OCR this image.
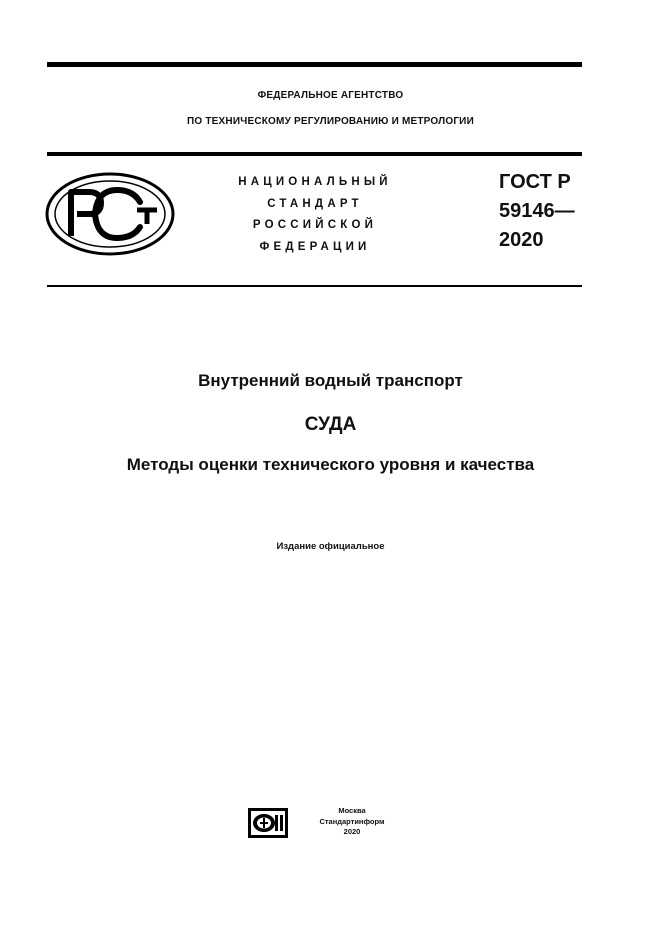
ФЕДЕРАЛЬНОЕ АГЕНТСТВО
ПО ТЕХНИЧЕСКОМУ РЕГУЛИРОВАНИЮ И МЕТРОЛОГИИ
НАЦИОНАЛЬНЫЙ
СТАНДАРТ
РОССИЙСКОЙ
ФЕДЕРАЦИИ
ГОСТ Р
59146—
2020
Внутренний водный транспорт
СУДА
Методы оценки технического уровня и качества
Издание официальное
Москва
Стандартинформ
2020
